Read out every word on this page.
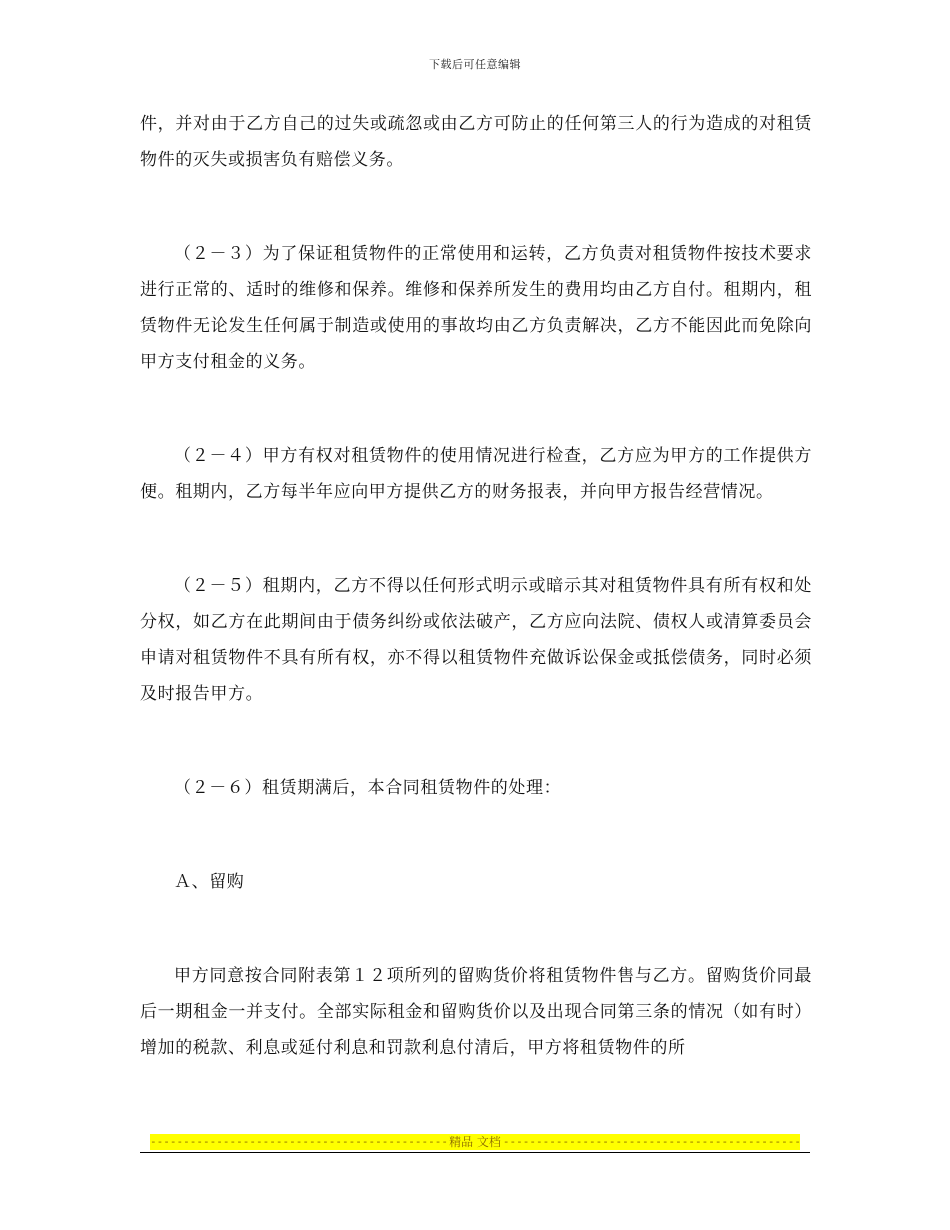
下载后可任意编辑

件，并对由于乙方自己的过失或疏忽或由乙方可防止的任何第三人的行为造成的对租赁物件的灭失或损害负有赔偿义务。

（２－３）为了保证租赁物件的正常使用和运转，乙方负责对租赁物件按技术要求进行正常的、适时的维修和保养。维修和保养所发生的费用均由乙方自付。租期内，租赁物件无论发生任何属于制造或使用的事故均由乙方负责解决，乙方不能因此而免除向甲方支付租金的义务。

（２－４）甲方有权对租赁物件的使用情况进行检查，乙方应为甲方的工作提供方便。租期内，乙方每半年应向甲方提供乙方的财务报表，并向甲方报告经营情况。

（２－５）租期内，乙方不得以任何形式明示或暗示其对租赁物件具有所有权和处分权，如乙方在此期间由于债务纠纷或依法破产，乙方应向法院、债权人或清算委员会申请对租赁物件不具有所有权，亦不得以租赁物件充做诉讼保金或抵偿债务，同时必须及时报告甲方。

（２－６）租赁期满后，本合同租赁物件的处理：

Ａ、留购

甲方同意按合同附表第１２项所列的留购货价将租赁物件售与乙方。留购货价同最后一期租金一并支付。全部实际租金和留购货价以及出现合同第三条的情况（如有时）增加的税款、利息或延付利息和罚款利息付清后，甲方将租赁物件的所

-----
精品 文档
-----
